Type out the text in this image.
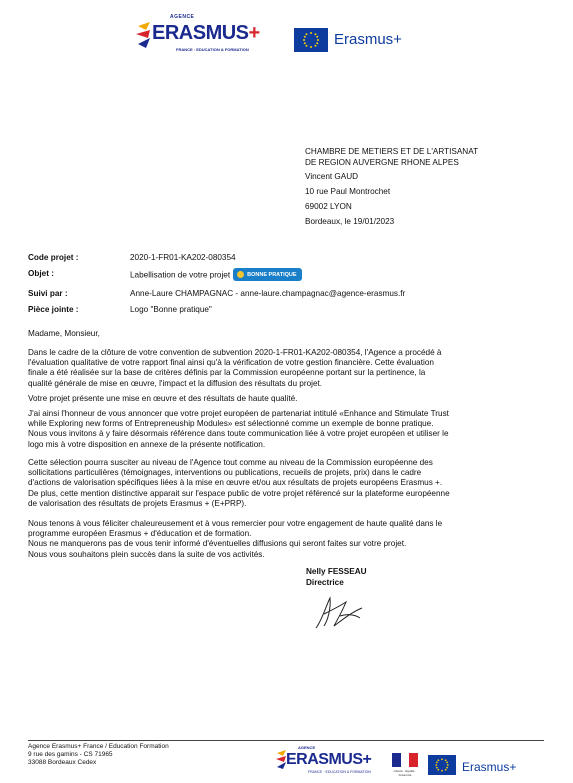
AGENCE
ERASMUS+
FRANCE · EDUCATION & FORMATION
Erasmus+
CHAMBRE DE METIERS ET DE L'ARTISANAT
DE REGION AUVERGNE RHONE ALPES
Vincent GAUD
10 rue Paul Montrochet
69002 LYON
Bordeaux, le 19/01/2023
Code projet :	2020-1-FR01-KA202-080354
Objet :	Labellisation de votre projet	BONNE PRATIQUE
Suivi par :	Anne-Laure CHAMPAGNAC - anne-laure.champagnac@agence-erasmus.fr
Pièce jointe :	Logo "Bonne pratique"
Madame, Monsieur,
Dans le cadre de la clôture de votre convention de subvention 2020-1-FR01-KA202-080354, l'Agence a procédé à
l'évaluation qualitative de votre rapport final ainsi qu'à la vérification de votre gestion financière. Cette évaluation
finale a été réalisée sur la base de critères définis par la Commission européenne portant sur la pertinence, la
qualité générale de mise en œuvre, l'impact et la diffusion des résultats du projet.
Votre projet présente une mise en œuvre et des résultats de haute qualité.
J'ai ainsi l'honneur de vous annoncer que votre projet européen de partenariat intitulé «Enhance and Stimulate Trust
while Exploring new forms of Entrepreneuship Modules» est sélectionné comme un exemple de bonne pratique.
Nous vous invitons à y faire désormais référence dans toute communication liée à votre projet européen et utiliser le
logo mis à votre disposition en annexe de la présente notification.
Cette sélection pourra susciter au niveau de l'Agence tout comme au niveau de la Commission européenne des
sollicitations particulières (témoignages, interventions ou publications, recueils de projets, prix) dans le cadre
d'actions de valorisation spécifiques liées à la mise en œuvre et/ou aux résultats de projets européens Erasmus +.
De plus, cette mention distinctive apparait sur l'espace public de votre projet référencé sur la plateforme européenne
de valorisation des résultats de projets Erasmus + (E+PRP).
Nous tenons à vous féliciter chaleureusement et à vous remercier pour votre engagement de haute qualité dans le
programme européen Erasmus + d'éducation et de formation.
Nous ne manquerons pas de vous tenir informé d'éventuelles diffusions qui seront faites sur votre projet.
Nous vous souhaitons plein succès dans la suite de vos activités.
Nelly FESSEAU
Directrice
Agence Erasmus+ France / Education Formation
9 rue des gamins - CS 71965
33088 Bordeaux Cedex
AGENCE
ERASMUS+
FRANCE · EDUCATION & FORMATION	Liberté · Égalité · Fraternité
Erasmus+
